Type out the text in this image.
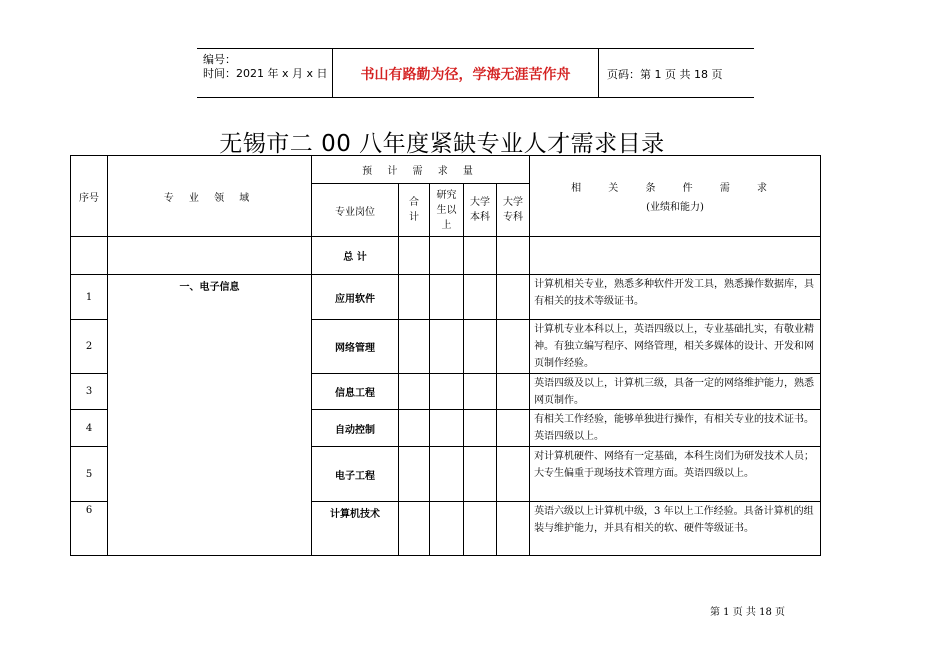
编号：
时间：2021 年 x 月 x 日	书山有路勤为径，学海无涯苦作舟	页码：第 1 页 共 18 页
无锡市二 00 八年度紧缺专业人才需求目录
序号	专 业 领 域	预 计 需 求 量					相 关 条 件 需 求
(业绩和能力)

		专业岗位	合计	研究生以上	大学本科	大学专科	

		总 计					
1	一、电子信息	应用软件					计算机相关专业，熟悉多种软件开发工具，熟悉操作数据库，具有相关的技术等级证书。
2		网络管理					计算机专业本科以上，英语四级以上，专业基础扎实，有敬业精神。有独立编写程序、网络管理，相关多媒体的设计、开发和网页制作经验。
3		信息工程					英语四级及以上，计算机三级，具备一定的网络维护能力，熟悉网页制作。
4		自动控制					有相关工作经验，能够单独进行操作，有相关专业的技术证书。英语四级以上。
5		电子工程					对计算机硬件、网络有一定基础，本科生岗们为研发技术人员；大专生偏重于现场技术管理方面。英语四级以上。
6		计算机技术					英语六级以上计算机中级，3 年以上工作经验。具备计算机的组装与维护能力，并具有相关的软、硬件等级证书。
第 1 页 共 18 页
